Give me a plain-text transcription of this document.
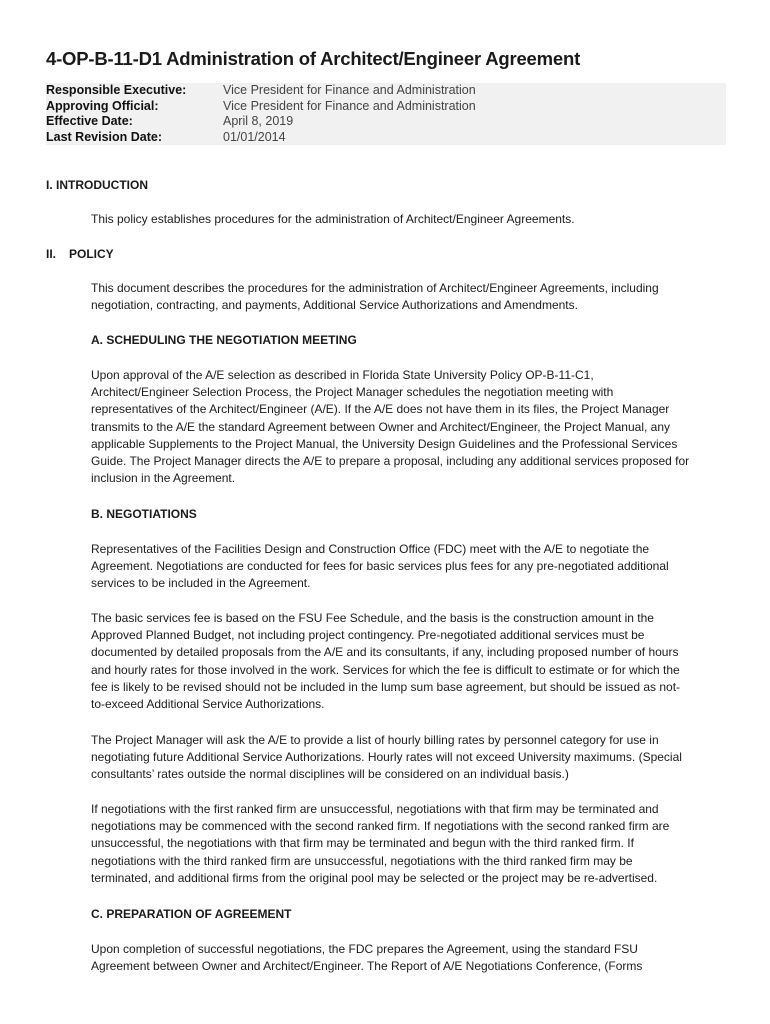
4-OP-B-11-D1 Administration of Architect/Engineer Agreement
Responsible Executive:	Vice President for Finance and Administration
Approving Official:	Vice President for Finance and Administration
Effective Date:	April 8, 2019
Last Revision Date:	01/01/2014
I. INTRODUCTION
This policy establishes procedures for the administration of Architect/Engineer Agreements.
II. POLICY
This document describes the procedures for the administration of Architect/Engineer Agreements, including
negotiation, contracting, and payments, Additional Service Authorizations and Amendments.
A. SCHEDULING THE NEGOTIATION MEETING
Upon approval of the A/E selection as described in Florida State University Policy OP-B-11-C1,
Architect/Engineer Selection Process, the Project Manager schedules the negotiation meeting with
representatives of the Architect/Engineer (A/E). If the A/E does not have them in its files, the Project Manager
transmits to the A/E the standard Agreement between Owner and Architect/Engineer, the Project Manual, any
applicable Supplements to the Project Manual, the University Design Guidelines and the Professional Services
Guide. The Project Manager directs the A/E to prepare a proposal, including any additional services proposed for
inclusion in the Agreement.
B. NEGOTIATIONS
Representatives of the Facilities Design and Construction Office (FDC) meet with the A/E to negotiate the
Agreement. Negotiations are conducted for fees for basic services plus fees for any pre-negotiated additional
services to be included in the Agreement.
The basic services fee is based on the FSU Fee Schedule, and the basis is the construction amount in the
Approved Planned Budget, not including project contingency. Pre-negotiated additional services must be
documented by detailed proposals from the A/E and its consultants, if any, including proposed number of hours
and hourly rates for those involved in the work. Services for which the fee is difficult to estimate or for which the
fee is likely to be revised should not be included in the lump sum base agreement, but should be issued as not-
to-exceed Additional Service Authorizations.
The Project Manager will ask the A/E to provide a list of hourly billing rates by personnel category for use in
negotiating future Additional Service Authorizations. Hourly rates will not exceed University maximums. (Special
consultants’ rates outside the normal disciplines will be considered on an individual basis.)
If negotiations with the first ranked firm are unsuccessful, negotiations with that firm may be terminated and
negotiations may be commenced with the second ranked firm. If negotiations with the second ranked firm are
unsuccessful, the negotiations with that firm may be terminated and begun with the third ranked firm. If
negotiations with the third ranked firm are unsuccessful, negotiations with the third ranked firm may be
terminated, and additional firms from the original pool may be selected or the project may be re-advertised.
C. PREPARATION OF AGREEMENT
Upon completion of successful negotiations, the FDC prepares the Agreement, using the standard FSU
Agreement between Owner and Architect/Engineer. The Report of A/E Negotiations Conference, (Forms
